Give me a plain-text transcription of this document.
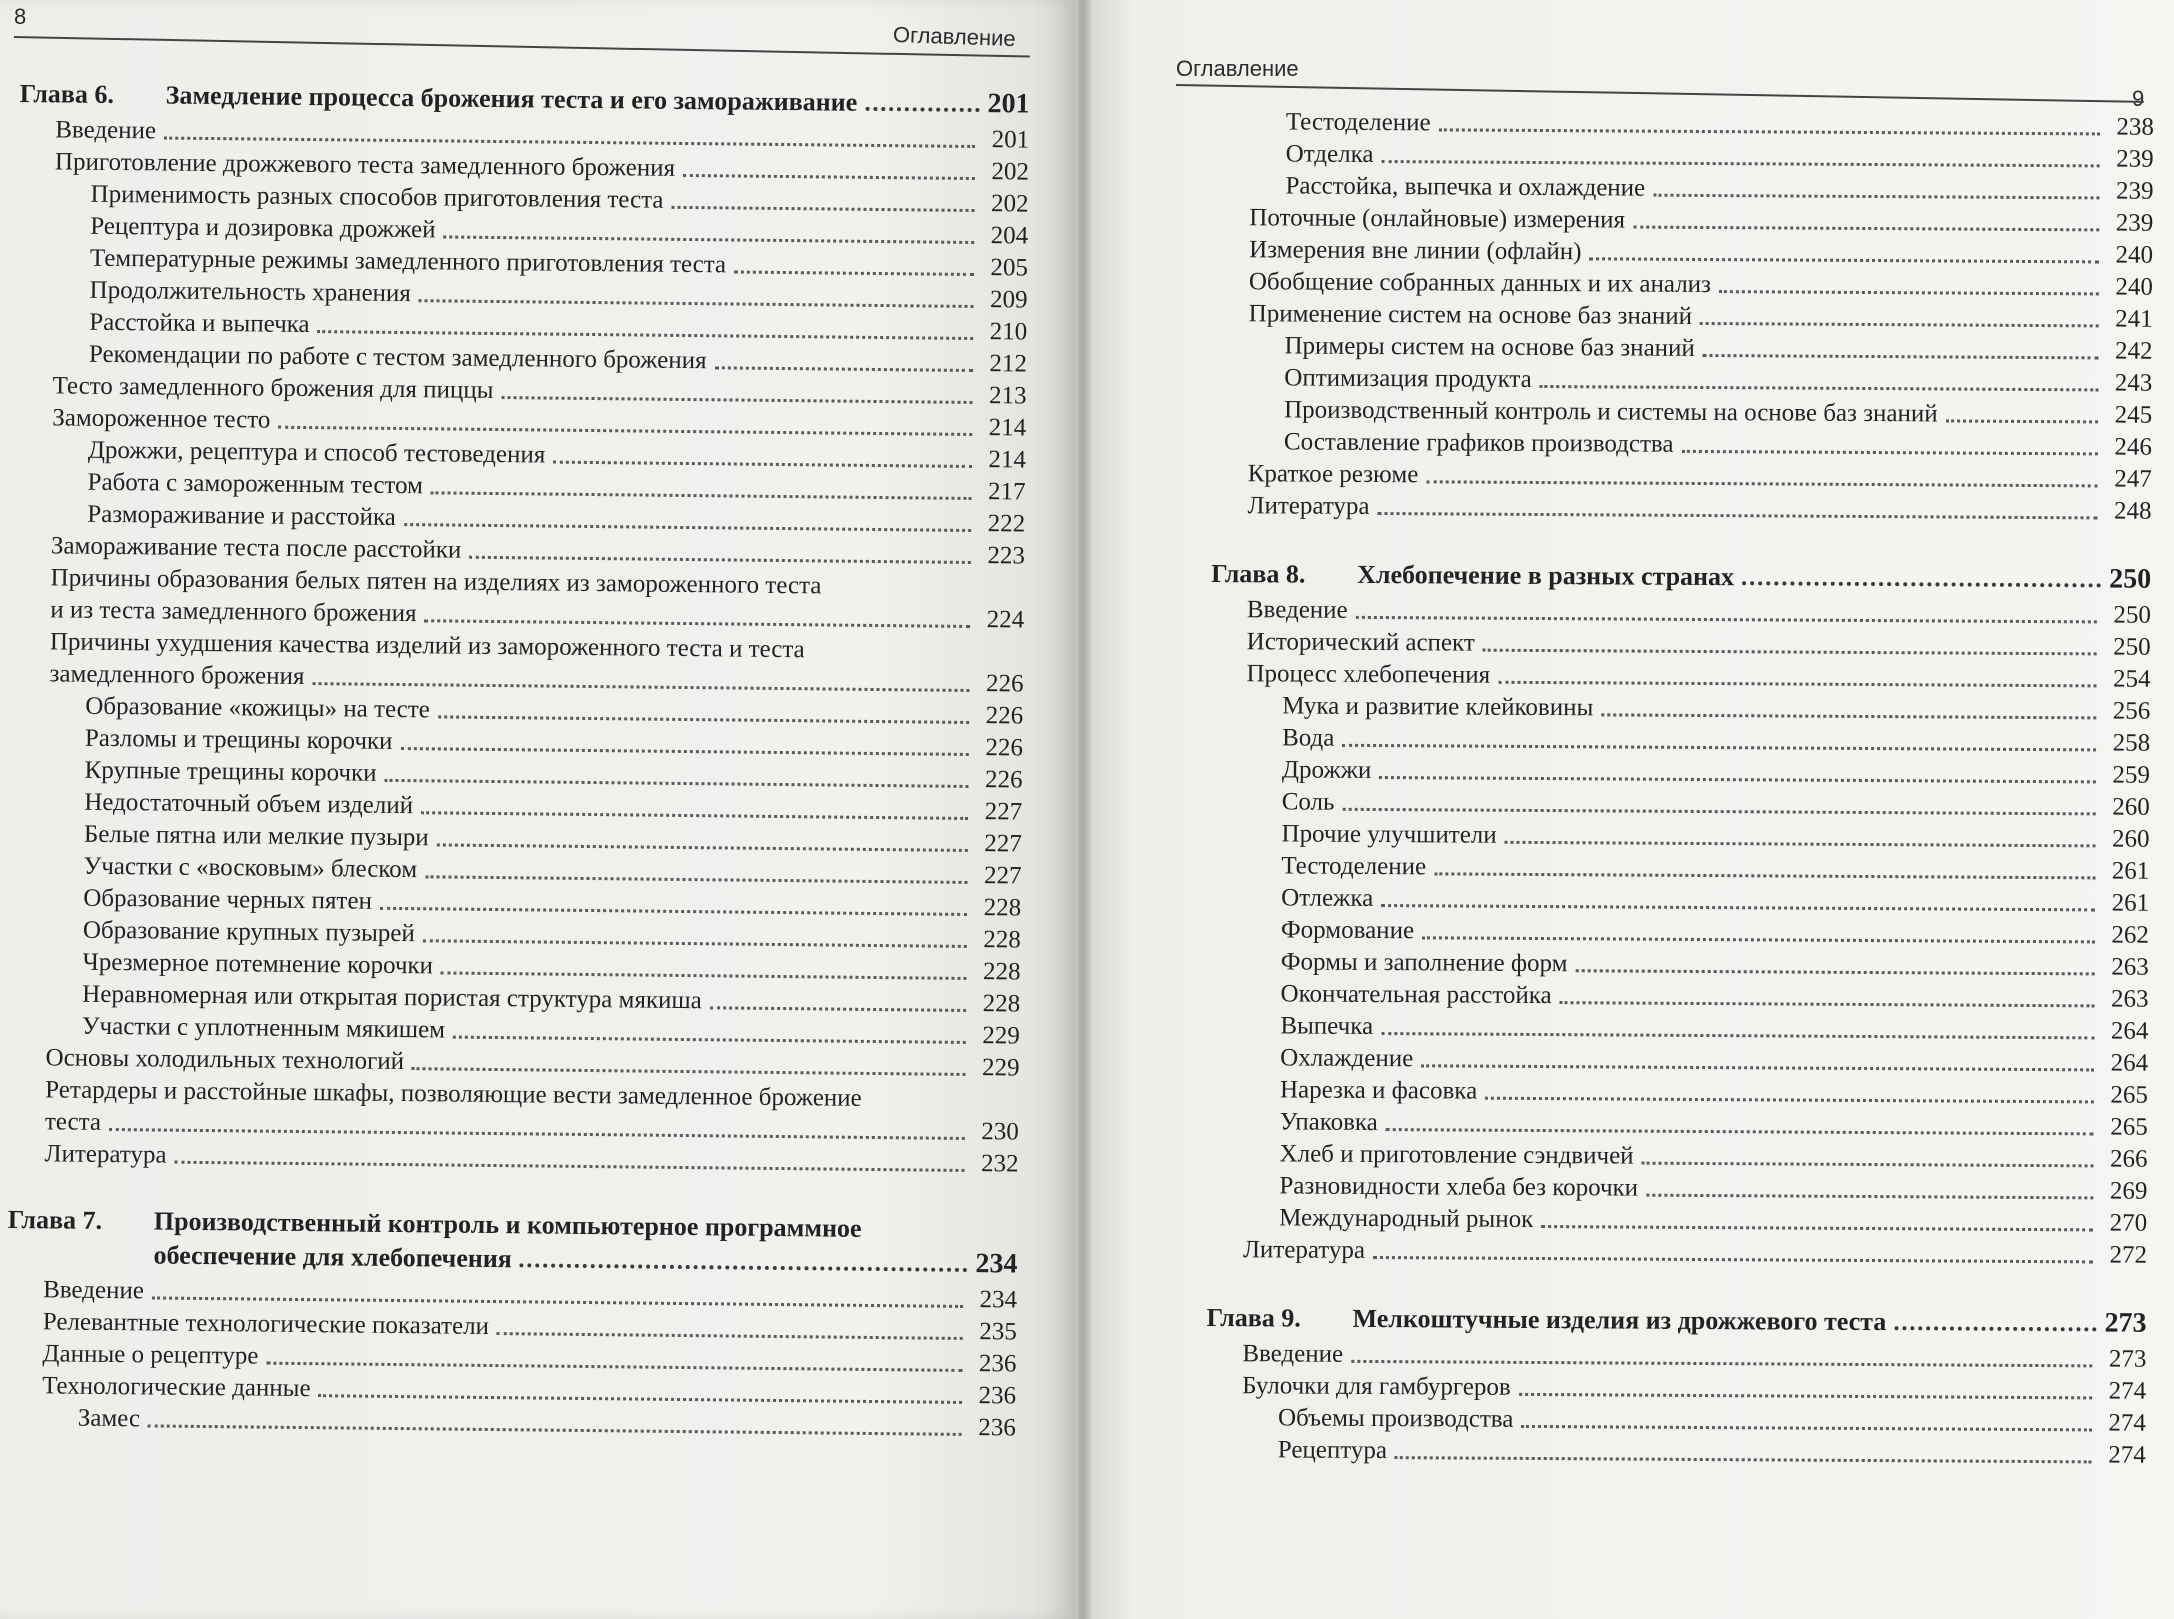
8
Оглавление
Глава 6.	Замедление процесса брожения теста и его замораживание	201
Введение	201
Приготовление дрожжевого теста замедленного брожения	202
Применимость разных способов приготовления теста	202
Рецептура и дозировка дрожжей	204
Температурные режимы замедленного приготовления теста	205
Продолжительность хранения	209
Расстойка и выпечка	210
Рекомендации по работе с тестом замедленного брожения	212
Тесто замедленного брожения для пиццы	213
Замороженное тесто	214
Дрожжи, рецептура и способ тестоведения	214
Работа с замороженным тестом	217
Размораживание и расстойка	222
Замораживание теста после расстойки	223
Причины образования белых пятен на изделиях из замороженного теста
и из теста замедленного брожения	224
Причины ухудшения качества изделий из замороженного теста и теста
замедленного брожения	226
Образование «кожицы» на тесте	226
Разломы и трещины корочки	226
Крупные трещины корочки	226
Недостаточный объем изделий	227
Белые пятна или мелкие пузыри	227
Участки с «восковым» блеском	227
Образование черных пятен	228
Образование крупных пузырей	228
Чрезмерное потемнение корочки	228
Неравномерная или открытая пористая структура мякиша	228
Участки с уплотненным мякишем	229
Основы холодильных технологий	229
Ретардеры и расстойные шкафы, позволяющие вести замедленное брожение
теста	230
Литература	232
Глава 7.	Производственный контроль и компьютерное программное
обеспечение для хлебопечения	234
Введение	234
Релевантные технологические показатели	235
Данные о рецептуре	236
Технологические данные	236
Замес	236
Оглавление
9
Тестоделение	238
Отделка	239
Расстойка, выпечка и охлаждение	239
Поточные (онлайновые) измерения	239
Измерения вне линии (офлайн)	240
Обобщение собранных данных и их анализ	240
Применение систем на основе баз знаний	241
Примеры систем на основе баз знаний	242
Оптимизация продукта	243
Производственный контроль и системы на основе баз знаний	245
Составление графиков производства	246
Краткое резюме	247
Литература	248
Глава 8.	Хлебопечение в разных странах	250
Введение	250
Исторический аспект	250
Процесс хлебопечения	254
Мука и развитие клейковины	256
Вода	258
Дрожжи	259
Соль	260
Прочие улучшители	260
Тестоделение	261
Отлежка	261
Формование	262
Формы и заполнение форм	263
Окончательная расстойка	263
Выпечка	264
Охлаждение	264
Нарезка и фасовка	265
Упаковка	265
Хлеб и приготовление сэндвичей	266
Разновидности хлеба без корочки	269
Международный рынок	270
Литература	272
Глава 9.	Мелкоштучные изделия из дрожжевого теста	273
Введение	273
Булочки для гамбургеров	274
Объемы производства	274
Рецептура	274
